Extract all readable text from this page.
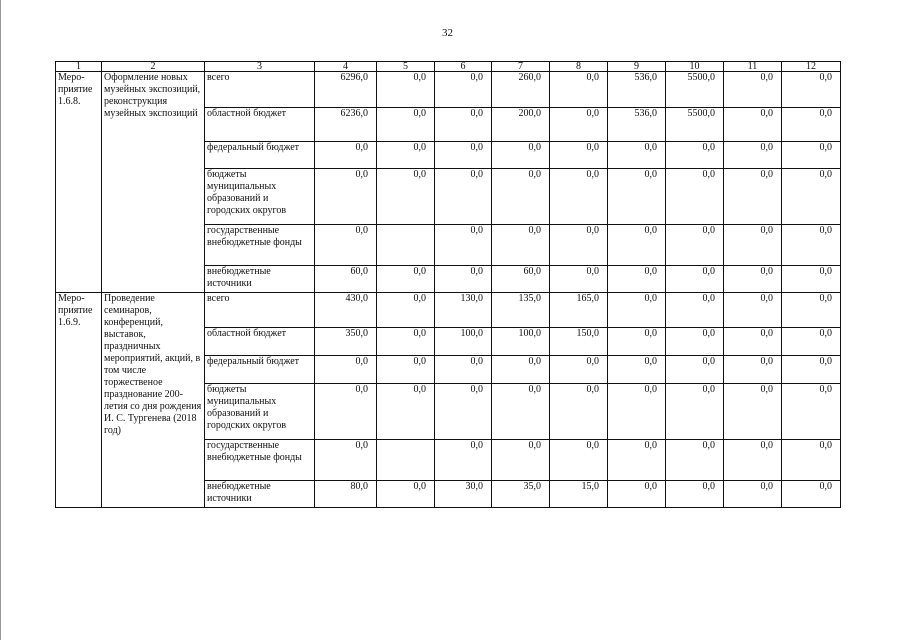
32
1	2	3	4	5	6	7	8	9	10	11	12
Меро-приятие 1.6.8.	Оформление новых музейных экспозиций, реконструкция музейных экспозиций	всего	6296,0	0,0	0,0	260,0	0,0	536,0	5500,0	0,0	0,0
		областной бюджет	6236,0	0,0	0,0	200,0	0,0	536,0	5500,0	0,0	0,0
		федеральный бюджет	0,0	0,0	0,0	0,0	0,0	0,0	0,0	0,0	0,0
		бюджеты муниципальных образований и городских округов	0,0	0,0	0,0	0,0	0,0	0,0	0,0	0,0	0,0
		государственные внебюджетные фонды	0,0		0,0	0,0	0,0	0,0	0,0	0,0	0,0
		внебюджетные источники	60,0	0,0	0,0	60,0	0,0	0,0	0,0	0,0	0,0
Меро-приятие 1.6.9.	Проведение семинаров, конференций, выставок, праздничных мероприятий, акций, в том числе торжественое празднование 200-летия со дня рождения И. С. Тургенева (2018 год)	всего	430,0	0,0	130,0	135,0	165,0	0,0	0,0	0,0	0,0
		областной бюджет	350,0	0,0	100,0	100,0	150,0	0,0	0,0	0,0	0,0
		федеральный бюджет	0,0	0,0	0,0	0,0	0,0	0,0	0,0	0,0	0,0
		бюджеты муниципальных образований и городских округов	0,0	0,0	0,0	0,0	0,0	0,0	0,0	0,0	0,0
		государственные внебюджетные фонды	0,0		0,0	0,0	0,0	0,0	0,0	0,0	0,0
		внебюджетные источники	80,0	0,0	30,0	35,0	15,0	0,0	0,0	0,0	0,0
